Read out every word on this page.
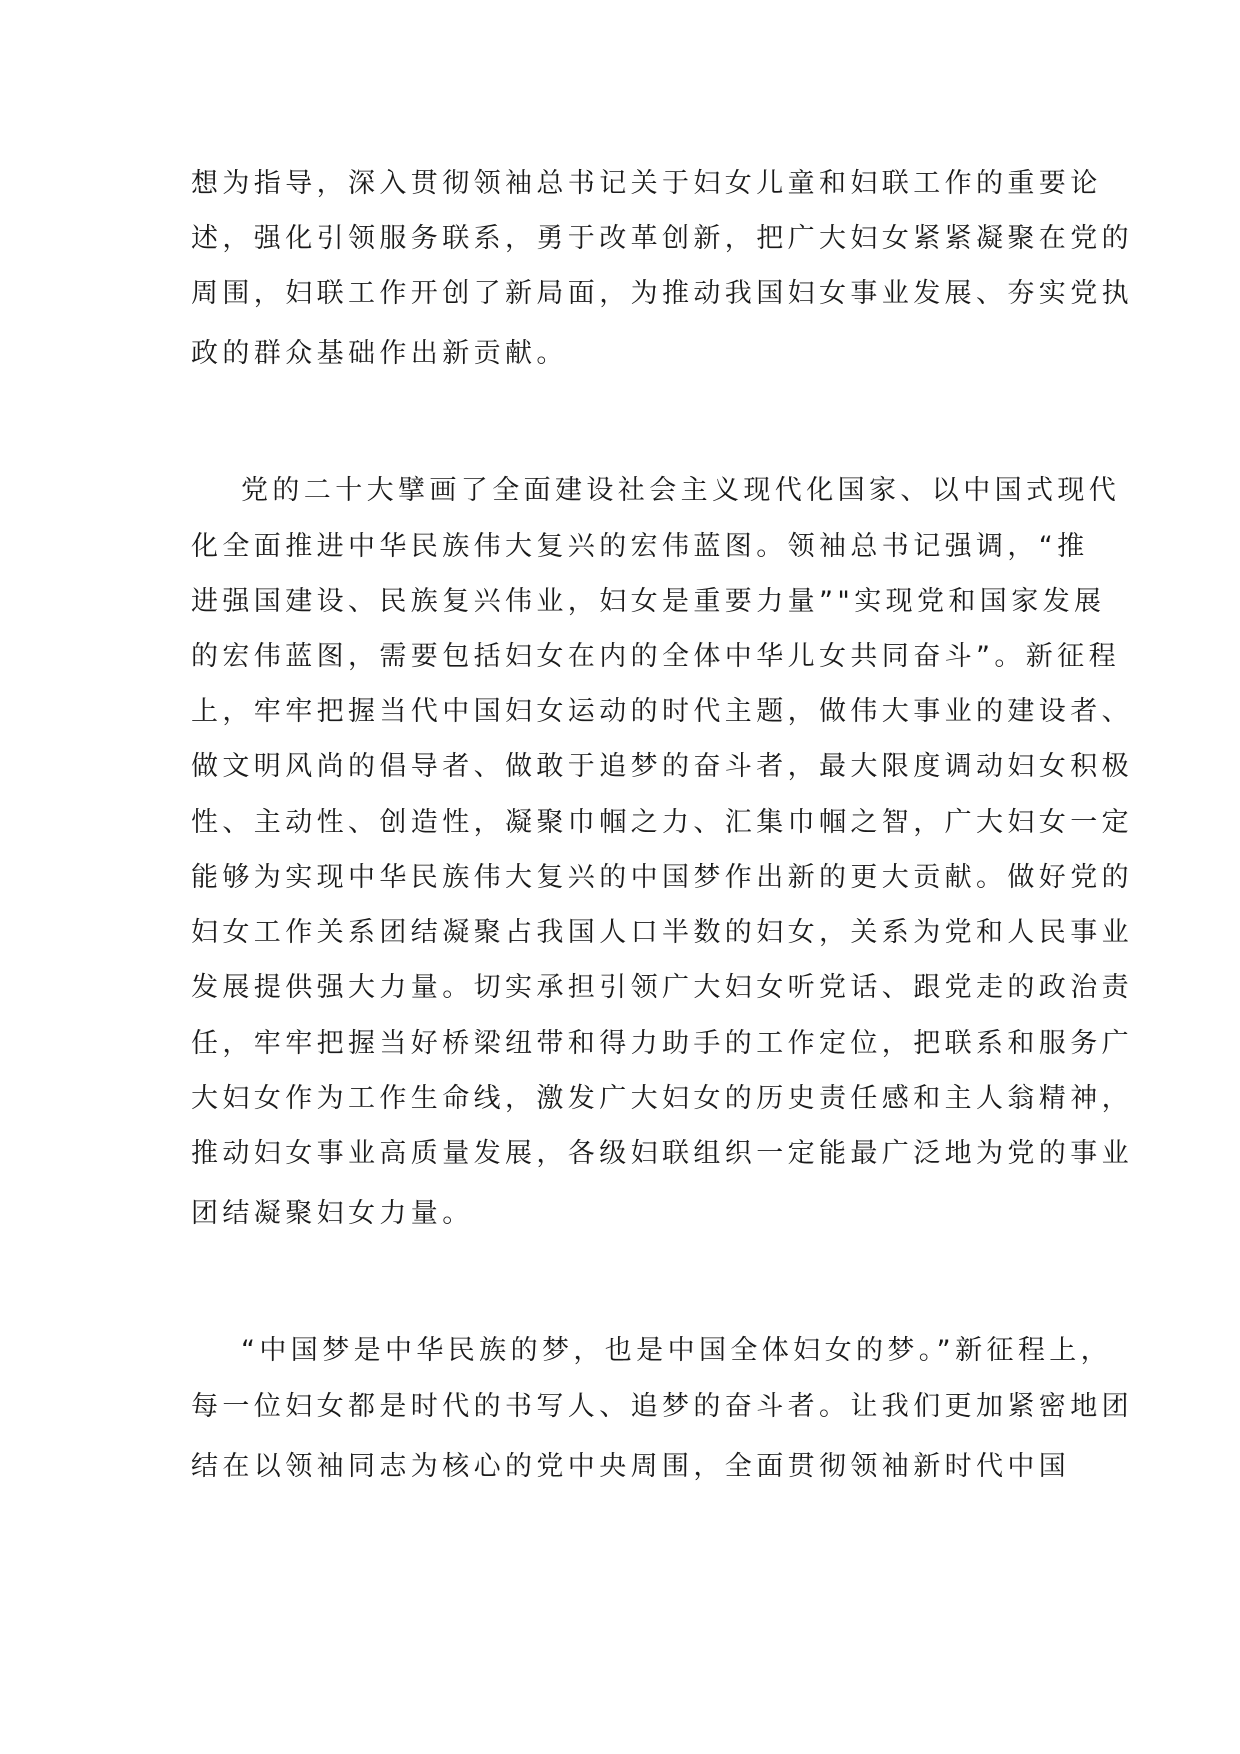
想为指导，深入贯彻领袖总书记关于妇女儿童和妇联工作的重要论

述，强化引领服务联系，勇于改革创新，把广大妇女紧紧凝聚在党的

周围，妇联工作开创了新局面，为推动我国妇女事业发展、夯实党执

政的群众基础作出新贡献。

党的二十大擘画了全面建设社会主义现代化国家、以中国式现代

化全面推进中华民族伟大复兴的宏伟蓝图。领袖总书记强调，“推

进强国建设、民族复兴伟业，妇女是重要力量”"实现党和国家发展

的宏伟蓝图，需要包括妇女在内的全体中华儿女共同奋斗”。新征程

上，牢牢把握当代中国妇女运动的时代主题，做伟大事业的建设者、

做文明风尚的倡导者、做敢于追梦的奋斗者，最大限度调动妇女积极

性、主动性、创造性，凝聚巾帼之力、汇集巾帼之智，广大妇女一定

能够为实现中华民族伟大复兴的中国梦作出新的更大贡献。做好党的

妇女工作关系团结凝聚占我国人口半数的妇女，关系为党和人民事业

发展提供强大力量。切实承担引领广大妇女听党话、跟党走的政治责

任，牢牢把握当好桥梁纽带和得力助手的工作定位，把联系和服务广

大妇女作为工作生命线，激发广大妇女的历史责任感和主人翁精神，

推动妇女事业高质量发展，各级妇联组织一定能最广泛地为党的事业

团结凝聚妇女力量。

“中国梦是中华民族的梦，也是中国全体妇女的梦。”新征程上，

每一位妇女都是时代的书写人、追梦的奋斗者。让我们更加紧密地团

结在以领袖同志为核心的党中央周围，全面贯彻领袖新时代中国
